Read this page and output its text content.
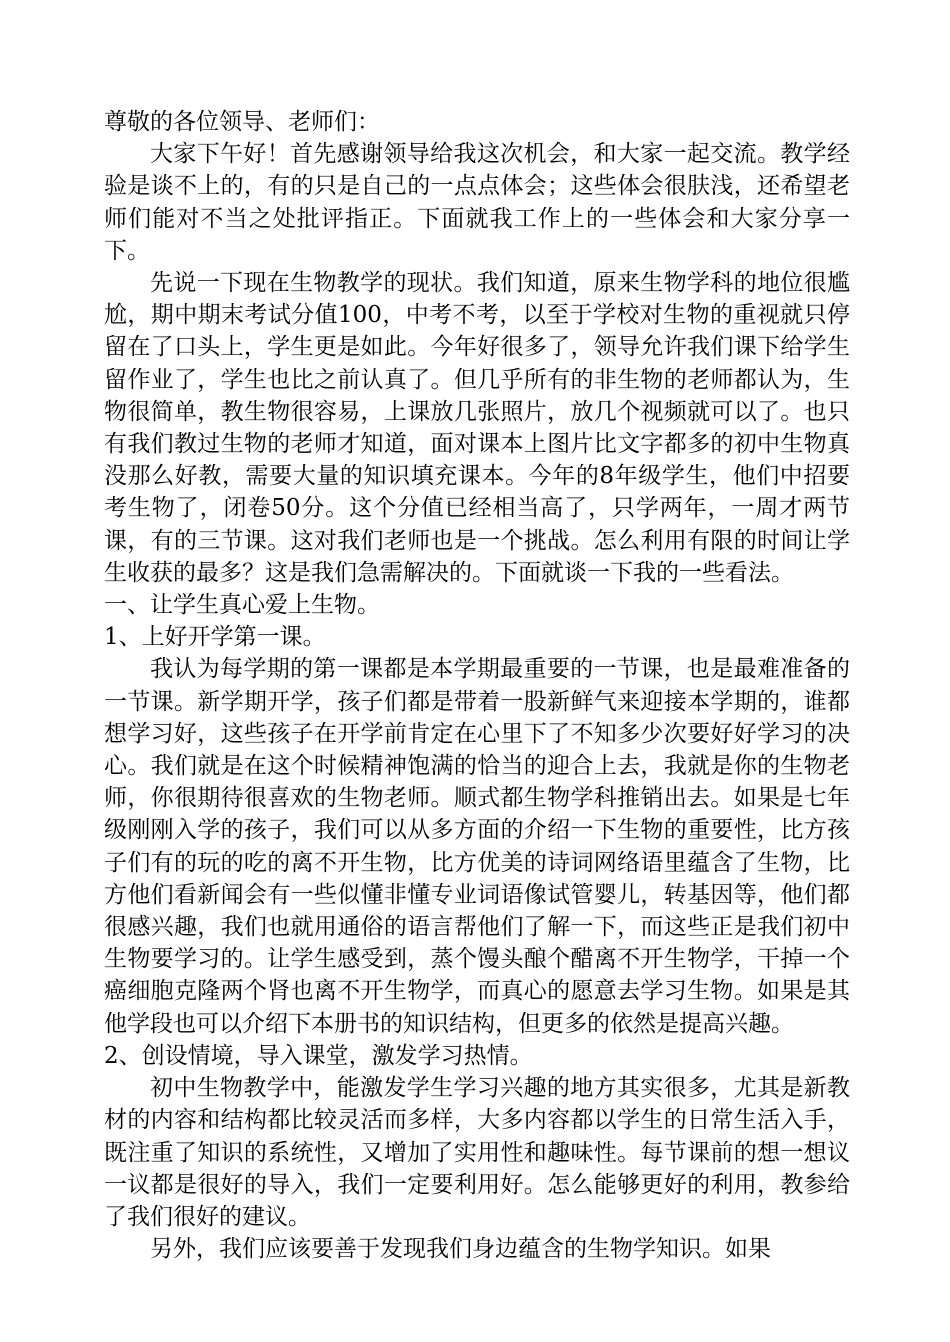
尊敬的各位领导、老师们：

大家下午好！首先感谢领导给我这次机会，和大家一起交流。教学经验是谈不上的，有的只是自己的一点点体会；这些体会很肤浅，还希望老师们能对不当之处批评指正。下面就我工作上的一些体会和大家分享一下。

先说一下现在生物教学的现状。我们知道，原来生物学科的地位很尴尬，期中期末考试分值100，中考不考，以至于学校对生物的重视就只停留在了口头上，学生更是如此。今年好很多了，领导允许我们课下给学生留作业了，学生也比之前认真了。但几乎所有的非生物的老师都认为，生物很简单，教生物很容易，上课放几张照片，放几个视频就可以了。也只有我们教过生物的老师才知道，面对课本上图片比文字都多的初中生物真没那么好教，需要大量的知识填充课本。今年的8年级学生，他们中招要考生物了，闭卷50分。这个分值已经相当高了，只学两年，一周才两节课，有的三节课。这对我们老师也是一个挑战。怎么利用有限的时间让学生收获的最多？这是我们急需解决的。下面就谈一下我的一些看法。

一、让学生真心爱上生物。

1、上好开学第一课。

我认为每学期的第一课都是本学期最重要的一节课，也是最难准备的一节课。新学期开学，孩子们都是带着一股新鲜气来迎接本学期的，谁都想学习好，这些孩子在开学前肯定在心里下了不知多少次要好好学习的决心。我们就是在这个时候精神饱满的恰当的迎合上去，我就是你的生物老师，你很期待很喜欢的生物老师。顺式都生物学科推销出去。如果是七年级刚刚入学的孩子，我们可以从多方面的介绍一下生物的重要性，比方孩子们有的玩的吃的离不开生物，比方优美的诗词网络语里蕴含了生物，比方他们看新闻会有一些似懂非懂专业词语像试管婴儿，转基因等，他们都很感兴趣，我们也就用通俗的语言帮他们了解一下，而这些正是我们初中生物要学习的。让学生感受到，蒸个馒头酿个醋离不开生物学，干掉一个癌细胞克隆两个肾也离不开生物学，而真心的愿意去学习生物。如果是其他学段也可以介绍下本册书的知识结构，但更多的依然是提高兴趣。

2、创设情境，导入课堂，激发学习热情。

初中生物教学中，能激发学生学习兴趣的地方其实很多，尤其是新教材的内容和结构都比较灵活而多样，大多内容都以学生的日常生活入手，既注重了知识的系统性，又增加了实用性和趣味性。每节课前的想一想议一议都是很好的导入，我们一定要利用好。怎么能够更好的利用，教参给了我们很好的建议。

另外，我们应该要善于发现我们身边蕴含的生物学知识。如果
